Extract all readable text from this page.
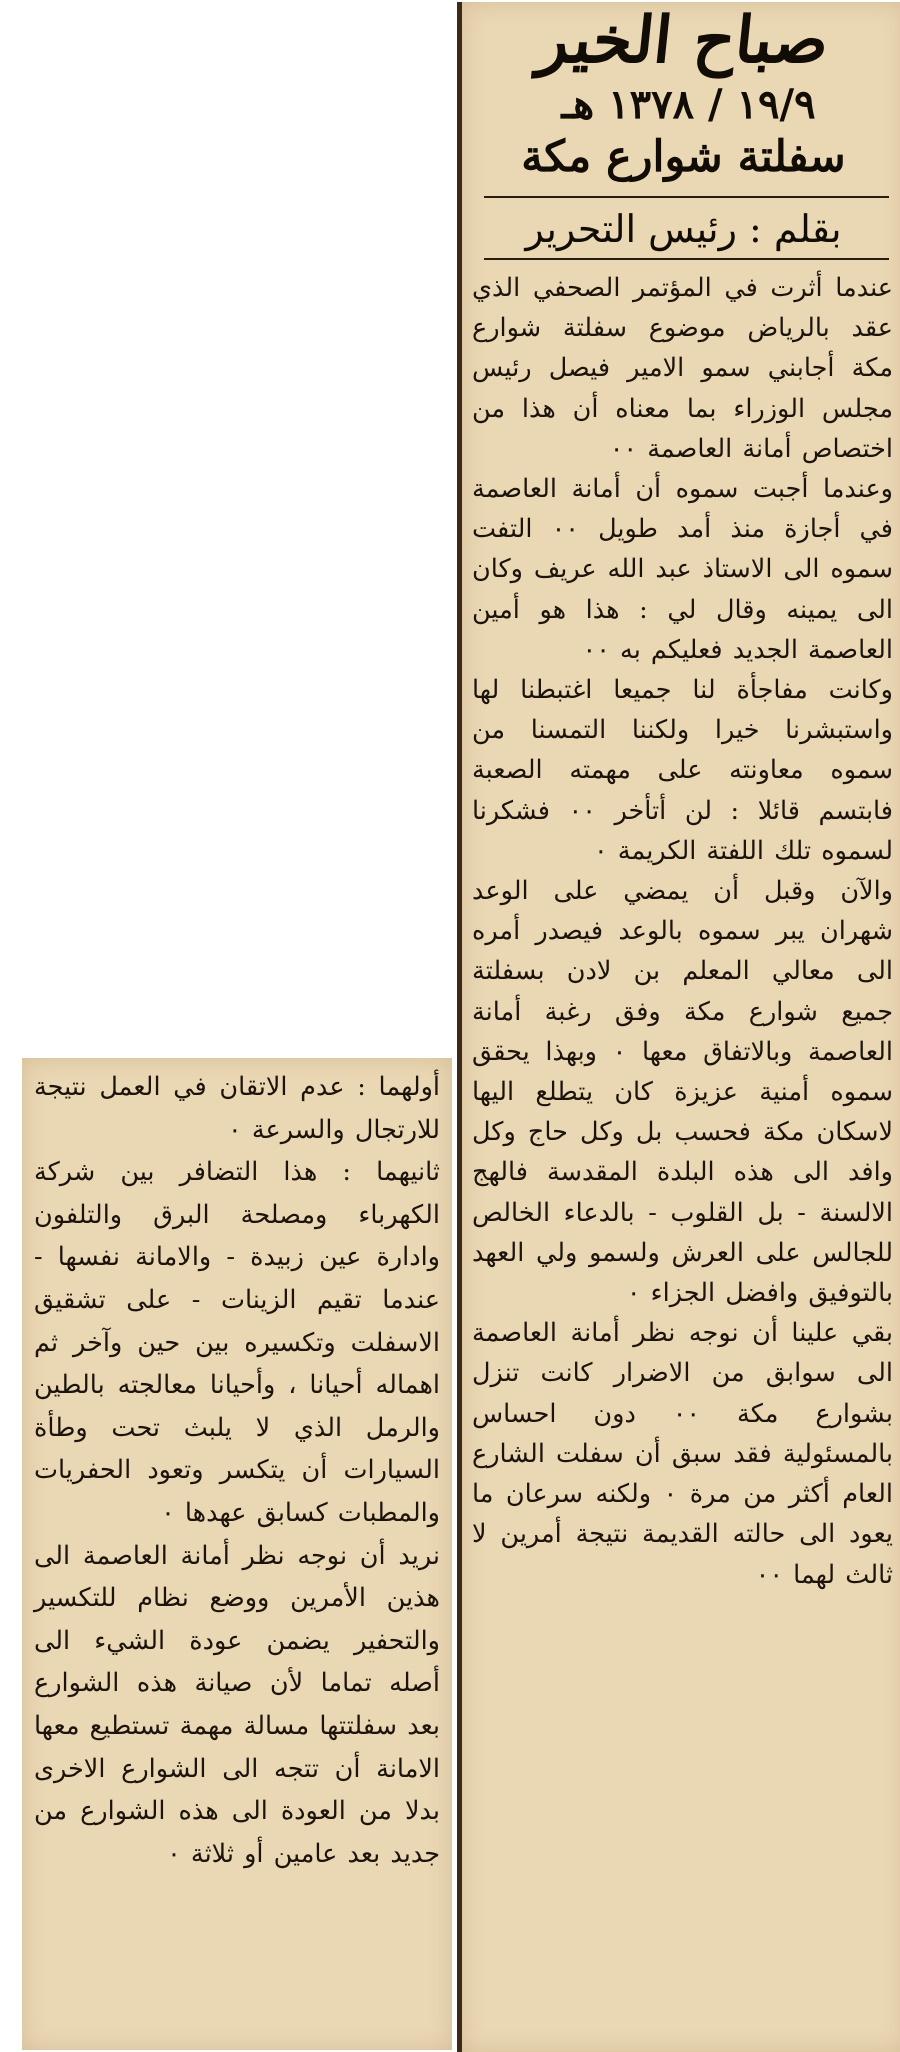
صباح الخير
١٩/٩ / ١٣٧٨ هـ
سفلتة شوارع مكة
بقلم : رئيس التحرير

عندما أثرت في المؤتمر الصحفي الذي عقد بالرياض موضوع سفلتة شوارع مكة أجابني سمو الامير فيصل رئيس مجلس الوزراء بما معناه أن هذا من اختصاص أمانة العاصمة ٠٠

وعندما أجبت سموه أن أمانة العاصمة في أجازة منذ أمد طويل ٠٠ التفت سموه الى الاستاذ عبد الله عريف وكان الى يمينه وقال لي : هذا هو أمين العاصمة الجديد فعليكم به ٠٠

وكانت مفاجأة لنا جميعا اغتبطنا لها واستبشرنا خيرا ولكننا التمسنا من سموه معاونته على مهمته الصعبة فابتسم قائلا : لن أتأخر ٠٠ فشكرنا لسموه تلك اللفتة الكريمة ٠

والآن وقبل أن يمضي على الوعد شهران يبر سموه بالوعد فيصدر أمره الى معالي المعلم بن لادن بسفلتة جميع شوارع مكة وفق رغبة أمانة العاصمة وبالاتفاق معها ٠ وبهذا يحقق سموه أمنية عزيزة كان يتطلع اليها لاسكان مكة فحسب بل وكل حاج وكل وافد الى هذه البلدة المقدسة فالهج الالسنة - بل القلوب - بالدعاء الخالص للجالس على العرش ولسمو ولي العهد بالتوفيق وافضل الجزاء ٠

بقي علينا أن نوجه نظر أمانة العاصمة الى سوابق من الاضرار كانت تنزل بشوارع مكة ٠٠ دون احساس بالمسئولية فقد سبق أن سفلت الشارع العام أكثر من مرة ٠ ولكنه سرعان ما يعود الى حالته القديمة نتيجة أمرين لا ثالث لهما ٠٠

أولهما : عدم الاتقان في العمل نتيجة للارتجال والسرعة ٠

ثانيهما : هذا التضافر بين شركة الكهرباء ومصلحة البرق والتلفون وادارة عين زبيدة - والامانة نفسها - عندما تقيم الزينات - على تشقيق الاسفلت وتكسيره بين حين وآخر ثم اهماله أحيانا ، وأحيانا معالجته بالطين والرمل الذي لا يلبث تحت وطأة السيارات أن يتكسر وتعود الحفريات والمطبات كسابق عهدها ٠

نريد أن نوجه نظر أمانة العاصمة الى هذين الأمرين ووضع نظام للتكسير والتحفير يضمن عودة الشيء الى أصله تماما لأن صيانة هذه الشوارع بعد سفلتتها مسالة مهمة تستطيع معها الامانة أن تتجه الى الشوارع الاخرى بدلا من العودة الى هذه الشوارع من جديد بعد عامين أو ثلاثة ٠
